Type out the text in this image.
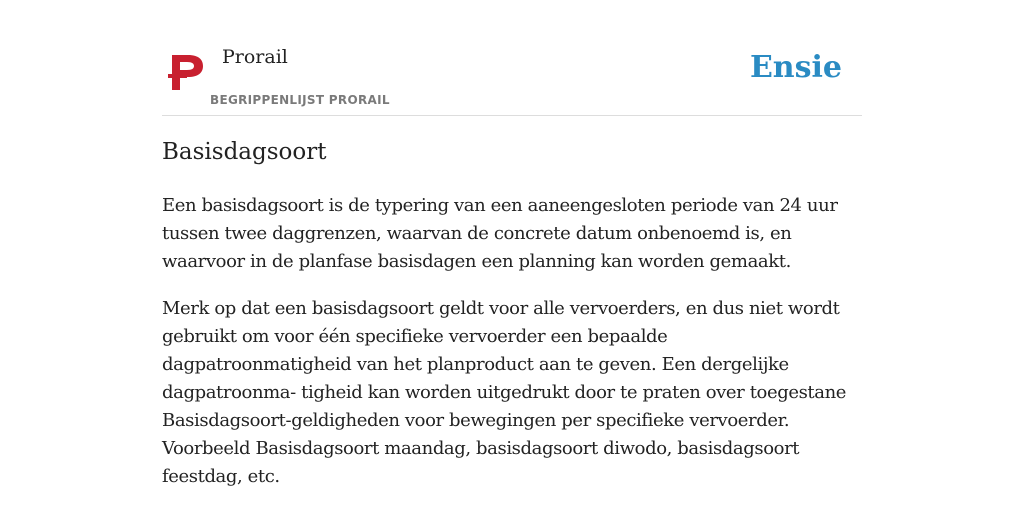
Prorail
BEGRIPPENLIJST PRORAIL
Ensie
Basisdagsoort

Een basisdagsoort is de typering van een aaneengesloten periode van 24 uur tussen twee daggrenzen, waarvan de concrete datum onbenoemd is, en waarvoor in de planfase basisdagen een planning kan worden gemaakt.

Merk op dat een basisdagsoort geldt voor alle vervoerders, en dus niet wordt gebruikt om voor één specifieke vervoerder een bepaalde dagpatroonmatigheid van het planproduct aan te geven. Een dergelijke dagpatroonma- tigheid kan worden uitgedrukt door te praten over toegestane Basisdagsoort-geldigheden voor bewegingen per specifieke vervoerder. Voorbeeld Basisdagsoort maandag, basisdagsoort diwodo, basisdagsoort feestdag, etc.
